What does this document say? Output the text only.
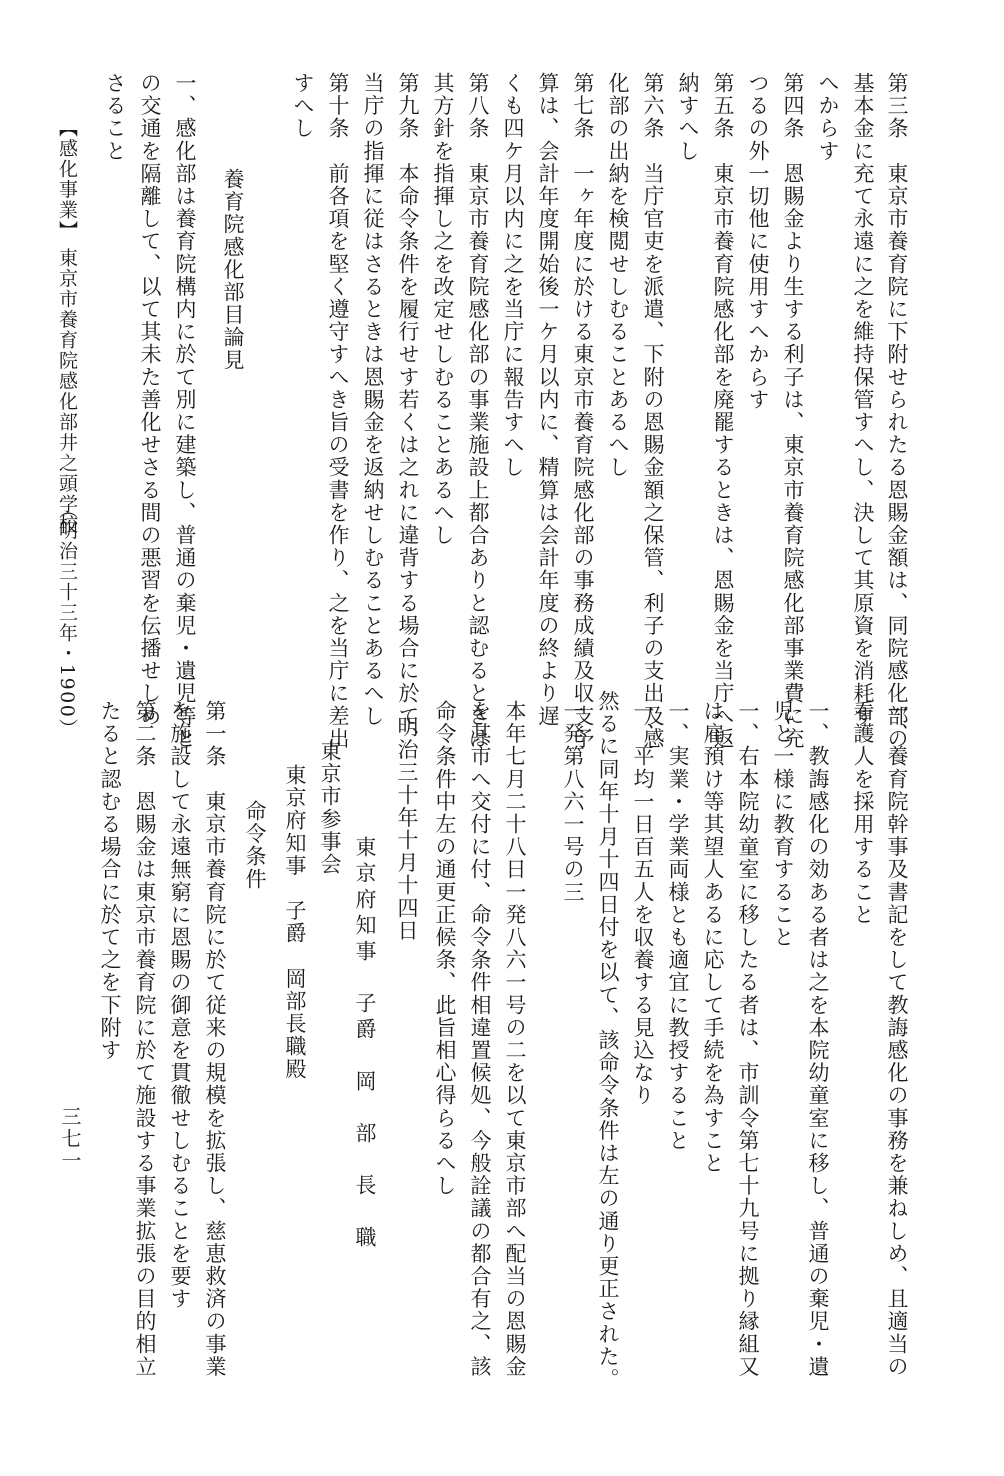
第三条　東京市養育院に下附せられたる恩賜金額は、同院感化部の
基本金に充て永遠に之を維持保管すへし、決して其原資を消耗す
へからす
第四条　恩賜金より生する利子は、東京市養育院感化部事業費に充
つるの外一切他に使用すへからす
第五条　東京市養育院感化部を廃罷するときは、恩賜金を当庁へ返
納すへし
第六条　当庁官吏を派遣、下附の恩賜金額之保管、利子の支出及感
化部の出納を検閲せしむることあるへし
第七条　一ヶ年度に於ける東京市養育院感化部の事務成績及収支予
算は、会計年度開始後一ケ月以内に、精算は会計年度の終より遅
くも四ケ月以内に之を当庁に報告すへし
第八条　東京市養育院感化部の事業施設上都合ありと認むるときは
其方針を指揮し之を改定せしむることあるへし
第九条　本命令条件を履行せす若くは之れに違背する場合に於て、
当庁の指揮に従はさるときは恩賜金を返納せしむることあるへし
第十条　前各項を堅く遵守すへき旨の受書を作り、之を当庁に差出
すへし
養育院感化部目論見
一、感化部は養育院構内に於て別に建築し、普通の棄児・遺児等と
の交通を隔離して、以て其未た善化せさる間の悪習を伝播せしめ
さること
一、養育院幹事及書記をして教誨感化の事務を兼ねしめ、且適当の
看護人を採用すること
一、教誨感化の効ある者は之を本院幼童室に移し、普通の棄児・遺
児と一様に教育すること
一、右本院幼童室に移したる者は、市訓令第七十九号に拠り縁組又
は雇預け等其望人あるに応して手続を為すこと
一、実業・学業両様とも適宜に教授すること
一、平均一日百五人を収養する見込なり
然るに同年十月十四日付を以て、該命令条件は左の通り更正された。
一発第八六一号の三
本年七月二十八日一発八六一号の二を以て東京市部へ配当の恩賜金
を其市へ交付に付、命令条件相違置候処、今般詮議の都合有之、該
命令条件中左の通更正候条、此旨相心得らるへし
明治三十年十月十四日
東京府知事　子爵　岡　部　長　職
東京市参事会
東京府知事　子爵　岡部長職殿
命令条件
第一条　東京市養育院に於て従来の規模を拡張し、慈恵救済の事業
を施設して永遠無窮に恩賜の御意を貫徹せしむることを要す
第二条　恩賜金は東京市養育院に於て施設する事業拡張の目的相立
たると認むる場合に於て之を下附す
【感化事業】
東京市養育院感化部井之頭学校
（明治三十三年・1900）
三七一
